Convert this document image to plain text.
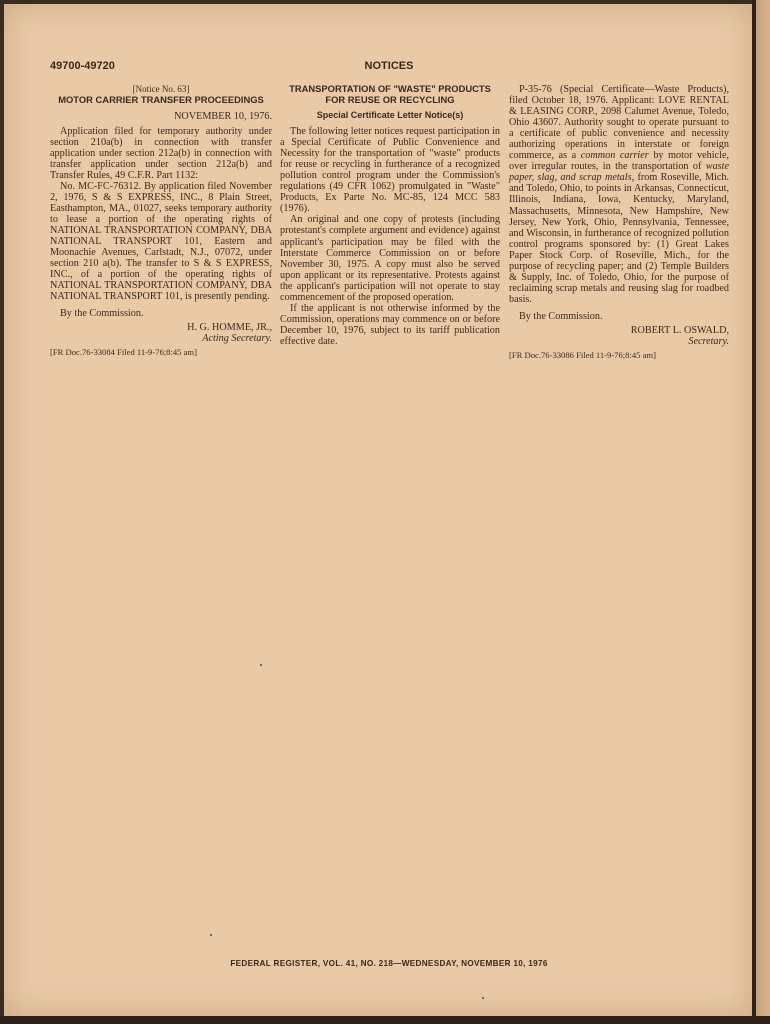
49700-49720	NOTICES

[Notice No. 63]

MOTOR CARRIER TRANSFER PROCEEDINGS

NOVEMBER 10, 1976.

Application filed for temporary authority under section 210a(b) in connection with transfer application under section 212a(b) in connection with transfer application under section 212a(b) and Transfer Rules, 49 C.F.R. Part 1132:

No. MC-FC-76312. By application filed November 2, 1976, S & S EXPRESS, INC., 8 Plain Street, Easthampton, MA., 01027, seeks temporary authority to lease a portion of the operating rights of NATIONAL TRANSPORTATION COMPANY, DBA NATIONAL TRANSPORT 101, Eastern and Moonachie Avenues, Carlstadt, N.J., 07072, under section 210 a(b). The transfer to S & S EXPRESS, INC., of a portion of the operating rights of NATIONAL TRANSPORTATION COMPANY, DBA NATIONAL TRANSPORT 101, is presently pending.

By the Commission.

H. G. HOMME, JR.,

Acting Secretary.

[FR Doc.76-33084 Filed 11-9-76;8:45 am]

TRANSPORTATION OF "WASTE" PRODUCTS FOR REUSE OR RECYCLING
Special Certificate Letter Notice(s)

The following letter notices request participation in a Special Certificate of Public Convenience and Necessity for the transportation of "waste" products for reuse or recycling in furtherance of a recognized pollution control program under the Commission's regulations (49 CFR 1062) promulgated in "Waste" Products, Ex Parte No. MC-85, 124 MCC 583 (1976).

An original and one copy of protests (including protestant's complete argument and evidence) against applicant's participation may be filed with the Interstate Commerce Commission on or before November 30, 1975. A copy must also be served upon applicant or its representative. Protests against the applicant's participation will not operate to stay commencement of the proposed operation.

If the applicant is not otherwise informed by the Commission, operations may commence on or before December 10, 1976, subject to its tariff publication effective date.

P-35-76 (Special Certificate—Waste Products), filed October 18, 1976. Applicant: LOVE RENTAL & LEASING CORP., 2098 Calumet Avenue, Toledo, Ohio 43607. Authority sought to operate pursuant to a certificate of public convenience and necessity authorizing operations in interstate or foreign commerce, as a common carrier by motor vehicle, over irregular routes, in the transportation of waste paper, slag, and scrap metals, from Roseville, Mich. and Toledo, Ohio, to points in Arkansas, Connecticut, Illinois, Indiana, Iowa, Kentucky, Maryland, Massachusetts, Minnesota, New Hampshire, New Jersey, New York, Ohio, Pennsylvania, Tennessee, and Wisconsin, in furtherance of recognized pollution control programs sponsored by: (1) Great Lakes Paper Stock Corp. of Roseville, Mich., for the purpose of recycling paper; and (2) Temple Builders & Supply, Inc. of Toledo, Ohio, for the purpose of reclaiming scrap metals and reusing slag for roadbed basis.

By the Commission.

ROBERT L. OSWALD,

Secretary.

[FR Doc.76-33086 Filed 11-9-76;8:45 am]

FEDERAL REGISTER, VOL. 41, NO. 218—WEDNESDAY, NOVEMBER 10, 1976
